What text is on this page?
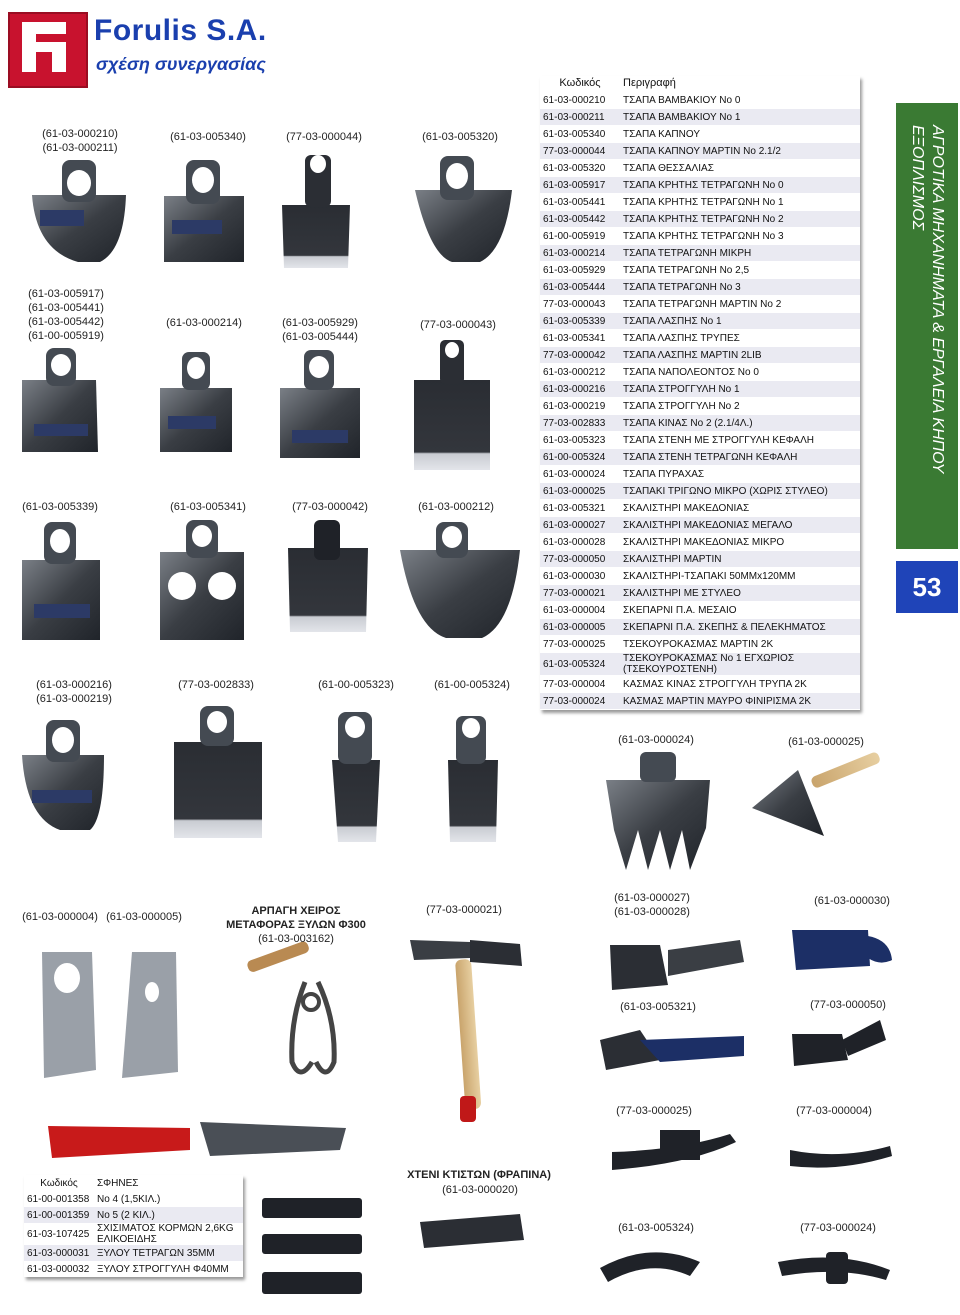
Forulis S.A.
σχέση συνεργασίας
ΑΓΡΟΤΙΚΑ ΜΗΧΑΝΗΜΑΤΑ & ΕΡΓΑΛΕΙΑ ΚΗΠΟΥ
ΕΞΟΠΛΙΣΜΟΣ
53
(61-03-000210)
(61-03-000211)
(61-03-005340)	(77-03-000044)	(61-03-005320)
(61-03-005917)
(61-03-005441)
(61-03-005442)
(61-00-005919)
(61-03-000214)	(61-03-005929)
(61-03-005444)
(77-03-000043)
(61-03-005339)	(61-03-005341)	(77-03-000042)	(61-03-000212)
(61-03-000216)
(61-03-000219)
(77-03-002833)	(61-00-005323)	(61-00-005324)
(61-03-000024)	(61-03-000025)
(61-03-000004) (61-03-000005)	ΑΡΠΑΓΗ ΧΕΙΡΟΣ
ΜΕΤΑΦΟΡΑΣ ΞΥΛΩΝ Φ300
(61-03-003162)
(77-03-000021)
(61-03-000027)
(61-03-000028)
(61-03-000030)
(61-03-005321)	(77-03-000050)
(77-03-000025)	(77-03-000004)
ΧΤΕΝΙ ΚΤΙΣΤΩΝ (ΦΡΑΠΙΝΑ)
(61-03-000020)
(61-03-005324)	(77-03-000024)
Κωδικός	Περιγραφή
61-03-000210	ΤΣΑΠΑ ΒΑΜΒΑΚΙΟΥ Νο 0
61-03-000211	ΤΣΑΠΑ ΒΑΜΒΑΚΙΟΥ Νο 1
61-03-005340	ΤΣΑΠΑ ΚΑΠΝΟΥ
77-03-000044	ΤΣΑΠΑ ΚΑΠΝΟΥ ΜΑΡΤΙΝ Νο 2.1/2
61-03-005320	ΤΣΑΠΑ ΘΕΣΣΑΛΙΑΣ
61-03-005917	ΤΣΑΠΑ ΚΡΗΤΗΣ ΤΕΤΡΑΓΩΝΗ Νο 0
61-03-005441	ΤΣΑΠΑ ΚΡΗΤΗΣ ΤΕΤΡΑΓΩΝΗ Νο 1
61-03-005442	ΤΣΑΠΑ ΚΡΗΤΗΣ ΤΕΤΡΑΓΩΝΗ Νο 2
61-00-005919	ΤΣΑΠΑ ΚΡΗΤΗΣ ΤΕΤΡΑΓΩΝΗ Νο 3
61-03-000214	ΤΣΑΠΑ ΤΕΤΡΑΓΩΝΗ ΜΙΚΡΗ
61-03-005929	ΤΣΑΠΑ ΤΕΤΡΑΓΩΝΗ Νο 2,5
61-03-005444	ΤΣΑΠΑ ΤΕΤΡΑΓΩΝΗ Νο 3
77-03-000043	ΤΣΑΠΑ ΤΕΤΡΑΓΩΝΗ ΜΑΡΤΙΝ Νο 2
61-03-005339	ΤΣΑΠΑ ΛΑΣΠΗΣ Νο 1
61-03-005341	ΤΣΑΠΑ ΛΑΣΠΗΣ ΤΡΥΠΕΣ
77-03-000042	ΤΣΑΠΑ ΛΑΣΠΗΣ ΜΑΡΤΙΝ 2LIB
61-03-000212	ΤΣΑΠΑ ΝΑΠΟΛΕΟΝΤΟΣ Νο 0
61-03-000216	ΤΣΑΠΑ ΣΤΡΟΓΓΥΛΗ Νο 1
61-03-000219	ΤΣΑΠΑ ΣΤΡΟΓΓΥΛΗ Νο 2
77-03-002833	ΤΣΑΠΑ ΚΙΝΑΣ Νο 2 (2.1/4Λ.)
61-03-005323	ΤΣΑΠΑ ΣΤΕΝΗ ΜΕ ΣΤΡΟΓΓΥΛΗ ΚΕΦΑΛΗ
61-00-005324	ΤΣΑΠΑ ΣΤΕΝΗ ΤΕΤΡΑΓΩΝΗ ΚΕΦΑΛΗ
61-03-000024	ΤΣΑΠΑ ΠΥΡΑΧΑΣ
61-03-000025	ΤΣΑΠΑΚΙ ΤΡΙΓΩΝΟ ΜΙΚΡΟ (ΧΩΡΙΣ ΣΤΥΛΕΟ)
61-03-005321	ΣΚΑΛΙΣΤΗΡΙ ΜΑΚΕΔΟΝΙΑΣ
61-03-000027	ΣΚΑΛΙΣΤΗΡΙ ΜΑΚΕΔΟΝΙΑΣ ΜΕΓΑΛΟ
61-03-000028	ΣΚΑΛΙΣΤΗΡΙ ΜΑΚΕΔΟΝΙΑΣ ΜΙΚΡΟ
77-03-000050	ΣΚΑΛΙΣΤΗΡΙ ΜΑΡΤΙΝ
61-03-000030	ΣΚΑΛΙΣΤΗΡΙ-ΤΣΑΠΑΚΙ 50ΜΜx120ΜΜ
77-03-000021	ΣΚΑΛΙΣΤΗΡΙ ΜΕ ΣΤΥΛΕΟ
61-03-000004	ΣΚΕΠΑΡΝΙ Π.Α. ΜΕΣΑΙΟ
61-03-000005	ΣΚΕΠΑΡΝΙ Π.Α. ΣΚΕΠΗΣ & ΠΕΛΕΚΗΜΑΤΟΣ
77-03-000025	ΤΣΕΚΟΥΡΟΚΑΣΜΑΣ ΜΑΡΤΙΝ 2Κ
61-03-005324	ΤΣΕΚΟΥΡΟΚΑΣΜΑΣ Νο 1 ΕΓΧΩΡΙΟΣ (ΤΣΕΚΟΥΡΟΣΤΕΝΗ)
77-03-000004	ΚΑΣΜΑΣ ΚΙΝΑΣ ΣΤΡΟΓΓΥΛΗ ΤΡΥΠΑ 2Κ
77-03-000024	ΚΑΣΜΑΣ ΜΑΡΤΙΝ ΜΑΥΡΟ ΦΙΝΙΡΙΣΜΑ 2Κ
Κωδικός	ΣΦΗΝΕΣ
61-00-001358	Νο 4 (1,5ΚΙΛ.)
61-00-001359	Νο 5 (2 ΚΙΛ.)
61-03-107425	ΣΧΙΣΙΜΑΤΟΣ ΚΟΡΜΩΝ 2,6KG ΕΛΙΚΟΕΙΔΗΣ
61-03-000031	ΞΥΛΟΥ ΤΕΤΡΑΓΩΝ 35ΜΜ
61-03-000032	ΞΥΛΟΥ ΣΤΡΟΓΓΥΛΗ Φ40ΜΜ
